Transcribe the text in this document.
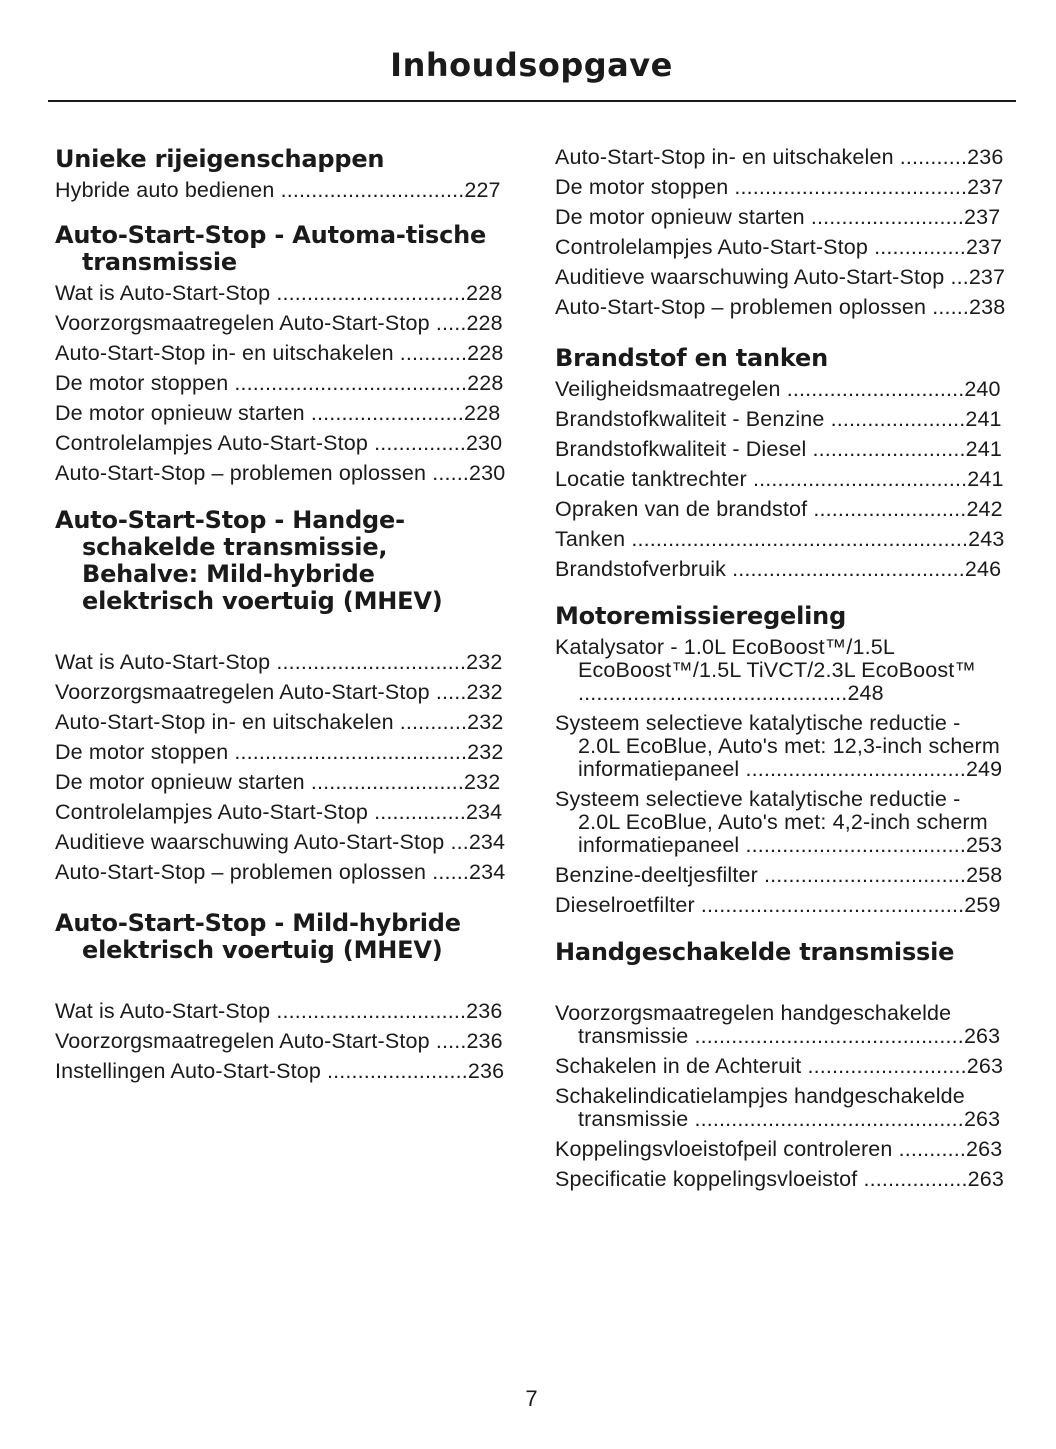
Inhoudsopgave
Unieke rijeigenschappen
Hybride auto bedienen ..............................227
Auto-Start-Stop - Automa-tische transmissie
Wat is Auto-Start-Stop ...............................228
Voorzorgsmaatregelen Auto-Start-Stop .....228
Auto-Start-Stop in- en uitschakelen ...........228
De motor stoppen ......................................228
De motor opnieuw starten .........................228
Controlelampjes Auto-Start-Stop ...............230
Auto-Start-Stop – problemen oplossen ......230
Auto-Start-Stop - Handge-schakelde transmissie, Behalve: Mild-hybride elektrisch voertuig (MHEV)
Wat is Auto-Start-Stop ...............................232
Voorzorgsmaatregelen Auto-Start-Stop .....232
Auto-Start-Stop in- en uitschakelen ...........232
De motor stoppen ......................................232
De motor opnieuw starten .........................232
Controlelampjes Auto-Start-Stop ...............234
Auditieve waarschuwing Auto-Start-Stop ...234
Auto-Start-Stop – problemen oplossen ......234
Auto-Start-Stop - Mild-hybride elektrisch voertuig (MHEV)
Wat is Auto-Start-Stop ...............................236
Voorzorgsmaatregelen Auto-Start-Stop .....236
Instellingen Auto-Start-Stop .......................236
Auto-Start-Stop in- en uitschakelen ...........236
De motor stoppen ......................................237
De motor opnieuw starten .........................237
Controlelampjes Auto-Start-Stop ...............237
Auditieve waarschuwing Auto-Start-Stop ...237
Auto-Start-Stop – problemen oplossen ......238
Brandstof en tanken
Veiligheidsmaatregelen .............................240
Brandstofkwaliteit - Benzine ......................241
Brandstofkwaliteit - Diesel .........................241
Locatie tanktrechter ...................................241
Opraken van de brandstof .........................242
Tanken .......................................................243
Brandstofverbruik ......................................246
Motoremissieregeling
Katalysator - 1.0L EcoBoost™/1.5L EcoBoost™/1.5L TiVCT/2.3L EcoBoost™ ............................................248
Systeem selectieve katalytische reductie - 2.0L EcoBlue, Auto's met: 12,3-inch scherm informatiepaneel ....................................249
Systeem selectieve katalytische reductie - 2.0L EcoBlue, Auto's met: 4,2-inch scherm informatiepaneel ....................................253
Benzine-deeltjesfilter .................................258
Dieselroetfilter ...........................................259
Handgeschakelde transmissie
Voorzorgsmaatregelen handgeschakelde transmissie ............................................263
Schakelen in de Achteruit ..........................263
Schakelindicatielampjes handgeschakelde transmissie ............................................263
Koppelingsvloeistofpeil controleren ...........263
Specificatie koppelingsvloeistof .................263
7
